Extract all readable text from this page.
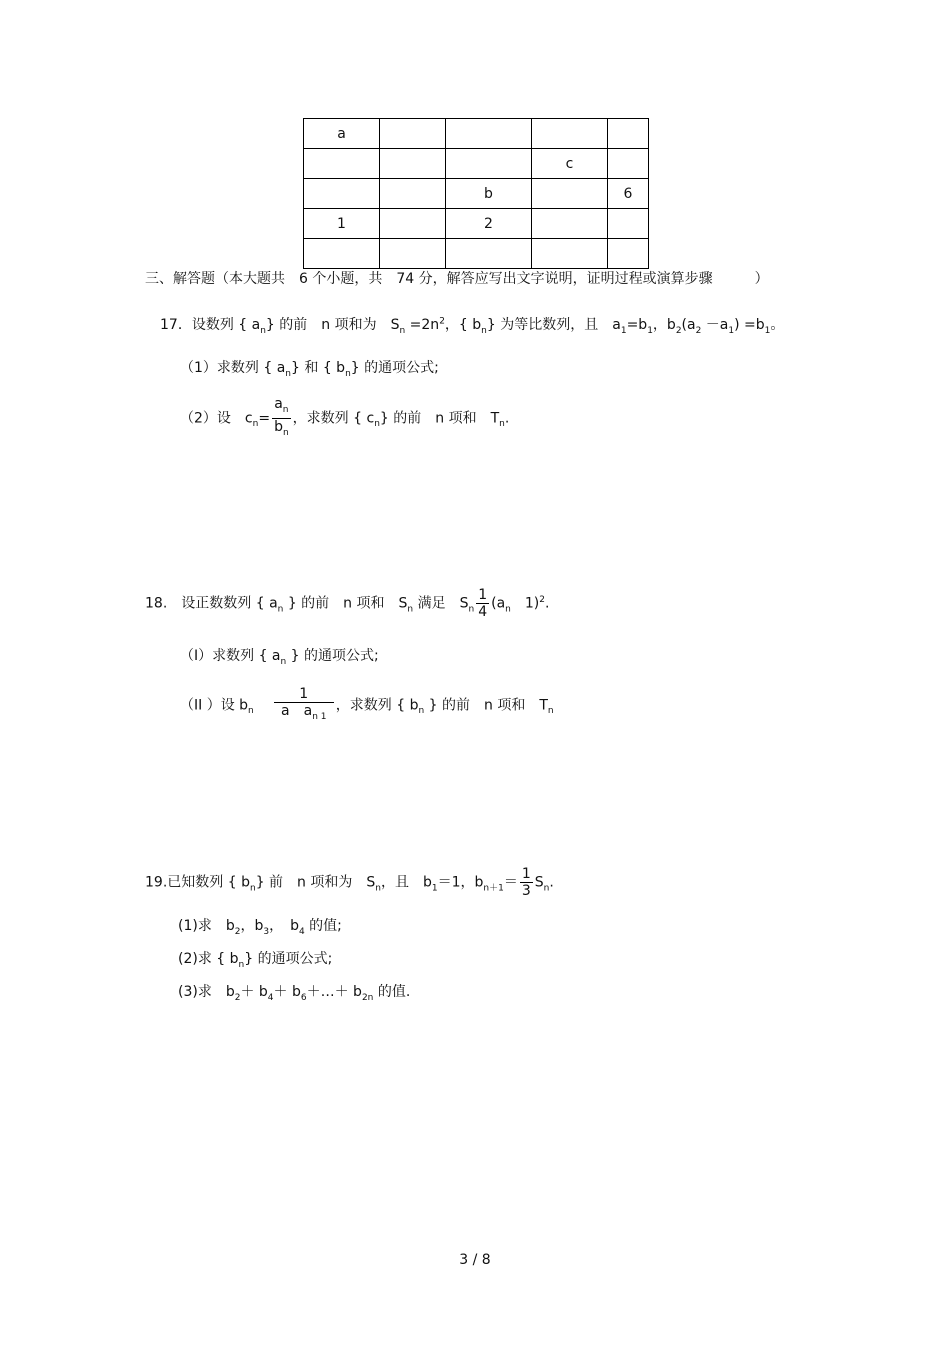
a				
			c	
		b		6
1		2		

三、解答题（本大题共　6 个小题，共　74 分，解答应写出文字说明，证明过程或演算步骤　　　）
17．设数列 { $a_n$} 的前　n 项和为　$S_n =2n^2$，{ $b_n$} 为等比数列，且　$a_1=b_1$，$b_2(a_2 -a_1) =b_1$。
（1）求数列 { $a_n$} 和 { $b_n$} 的通项公式;
（2）设　$c_n= \frac{a_n}{b_n}$ ，求数列 { $c_n$} 的前　n 项和　$T_n$.
18.　设正数数列 { $a_n$ } 的前　n 项和　$S_n$ 满足　$S_n \frac{1}{4} (a_n$　1)$^2$.
（I）求数列 { $a_n$ } 的通项公式;
（II ）设 $b_n \frac{1}{a a_{n 1}}$ ，求数列 { $b_n$ } 的前　n 项和　$T_n$
19.已知数列 { $b_n$} 前　n 项和为　$S_n$，且　$b_1=1$，$b_{n+1}= \frac{1}{3} S_n$.
(1)求　$b_2$，$b_3$，　$b_4$ 的值;
(2)求 { $b_n$} 的通项公式;
(3)求　$b_2+ b_4+$ $b_6+\dots+ b_{2n}$ 的值.
3 / 8
